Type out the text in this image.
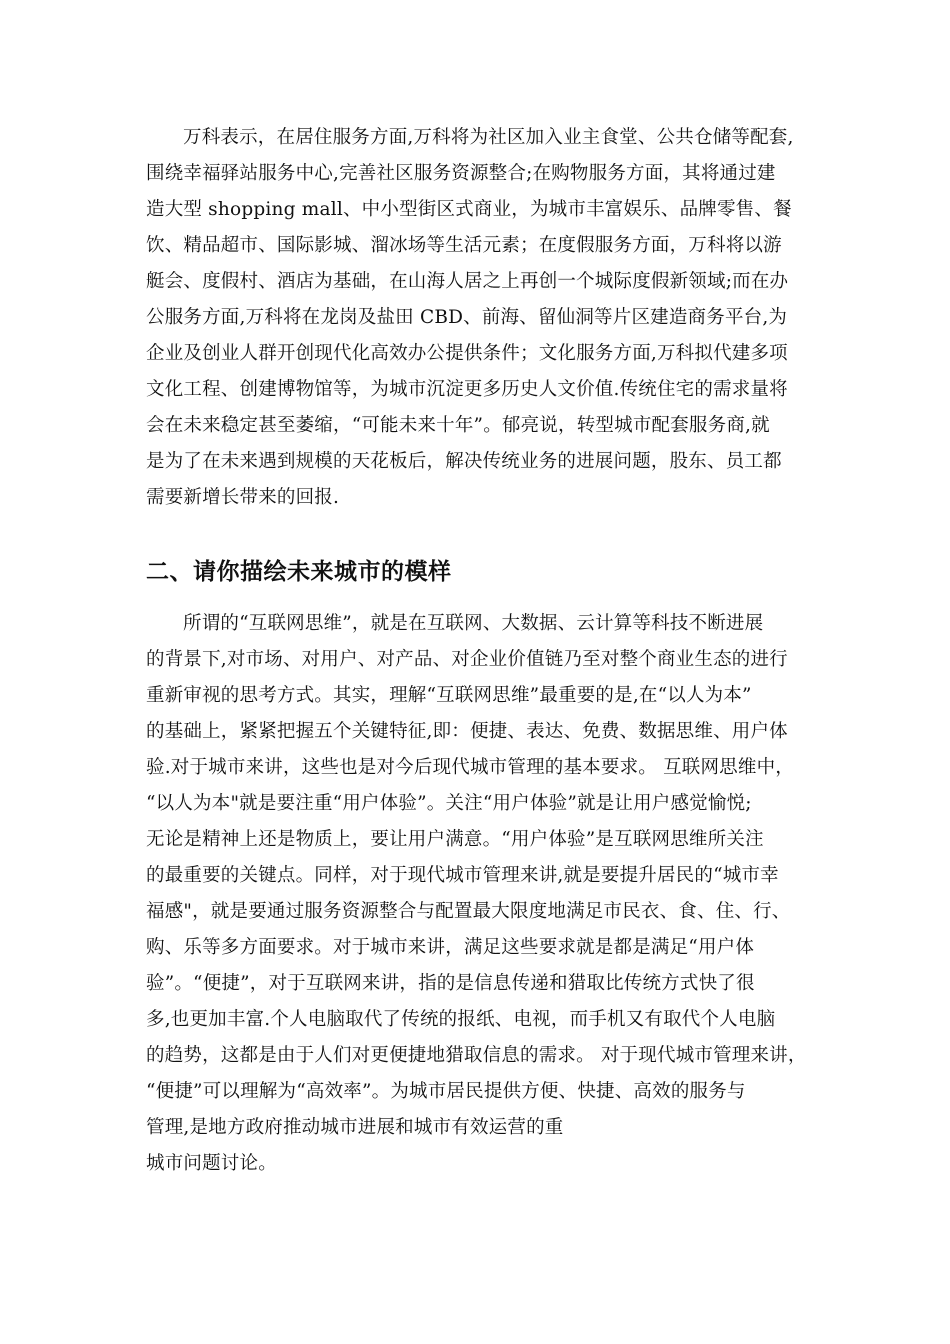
万科表示，在居住服务方面,万科将为社区加入业主食堂、公共仓储等配套,
围绕幸福驿站服务中心,完善社区服务资源整合;在购物服务方面，其将通过建
造大型 shopping mall、中小型街区式商业，为城市丰富娱乐、品牌零售、餐
饮、精品超市、国际影城、溜冰场等生活元素；在度假服务方面，万科将以游
艇会、度假村、酒店为基础，在山海人居之上再创一个城际度假新领域;而在办
公服务方面,万科将在龙岗及盐田 CBD、前海、留仙洞等片区建造商务平台,为
企业及创业人群开创现代化高效办公提供条件；文化服务方面,万科拟代建多项
文化工程、创建博物馆等，为城市沉淀更多历史人文价值.传统住宅的需求量将
会在未来稳定甚至萎缩，“可能未来十年”。郁亮说，转型城市配套服务商,就
是为了在未来遇到规模的天花板后，解决传统业务的进展问题，股东、员工都
需要新增长带来的回报.
二、请你描绘未来城市的模样
所谓的“互联网思维”，就是在互联网、大数据、云计算等科技不断进展
的背景下,对市场、对用户、对产品、对企业价值链乃至对整个商业生态的进行
重新审视的思考方式。其实，理解“互联网思维”最重要的是,在“以人为本”
的基础上，紧紧把握五个关键特征,即：便捷、表达、免费、数据思维、用户体
验.对于城市来讲，这些也是对今后现代城市管理的基本要求。 互联网思维中，
“以人为本"就是要注重“用户体验”。关注“用户体验”就是让用户感觉愉悦;
无论是精神上还是物质上，要让用户满意。“用户体验”是互联网思维所关注
的最重要的关键点。同样，对于现代城市管理来讲,就是要提升居民的“城市幸
福感"，就是要通过服务资源整合与配置最大限度地满足市民衣、食、住、行、
购、乐等多方面要求。对于城市来讲，满足这些要求就是都是满足“用户体
验”。“便捷”，对于互联网来讲，指的是信息传递和猎取比传统方式快了很
多,也更加丰富.个人电脑取代了传统的报纸、电视，而手机又有取代个人电脑
的趋势，这都是由于人们对更便捷地猎取信息的需求。 对于现代城市管理来讲，
“便捷”可以理解为“高效率”。为城市居民提供方便、快捷、高效的服务与
管理,是地方政府推动城市进展和城市有效运营的重
城市问题讨论。
